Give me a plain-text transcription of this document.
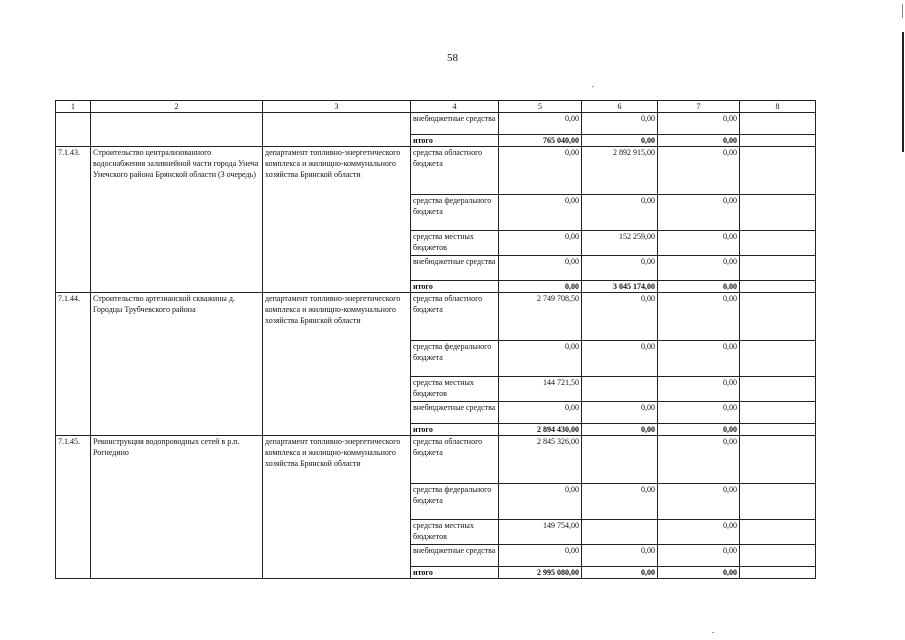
58
1	2	3	4	5	6	7	8
			внебюджетные средства	0,00	0,00	0,00	
			итого	765 040,00	0,00	0,00	
7.1.43.	Строительство централизованного водоснабжения заливнейной части города Унеча Унечского района Брянской области (3 очередь)	департамент топливно-энергетического комплекса и жилищно-коммунального хозяйства Брянской области	средства областного бюджета	0,00	2 892 915,00	0,00	
			средства федерального бюджета	0,00	0,00	0,00	
			средства местных бюджетов	0,00	152 259,00	0,00	
			внебюджетные средства	0,00	0,00	0,00	
			итого	0,00	3 045 174,00	0,00	
7.1.44.	Строительство артезианской скважины д. Городцы Трубчевского района	департамент топливно-энергетического комплекса и жилищно-коммунального хозяйства Брянской области	средства областного бюджета	2 749 708,50	0,00	0,00	
			средства федерального бюджета	0,00	0,00	0,00	
			средства местных бюджетов	144 721,50		0,00	
			внебюджетные средства	0,00	0,00	0,00	
			итого	2 894 430,00	0,00	0,00	
7.1.45.	Реконструкция водопроводных сетей в р.п. Рогнедино	департамент топливно-энергетического комплекса и жилищно-коммунального хозяйства Брянской области	средства областного бюджета	2 845 326,00		0,00	
			средства федерального бюджета	0,00	0,00	0,00	
			средства местных бюджетов	149 754,00		0,00	
			внебюджетные средства	0,00	0,00	0,00	
			итого	2 995 080,00	0,00	0,00	
